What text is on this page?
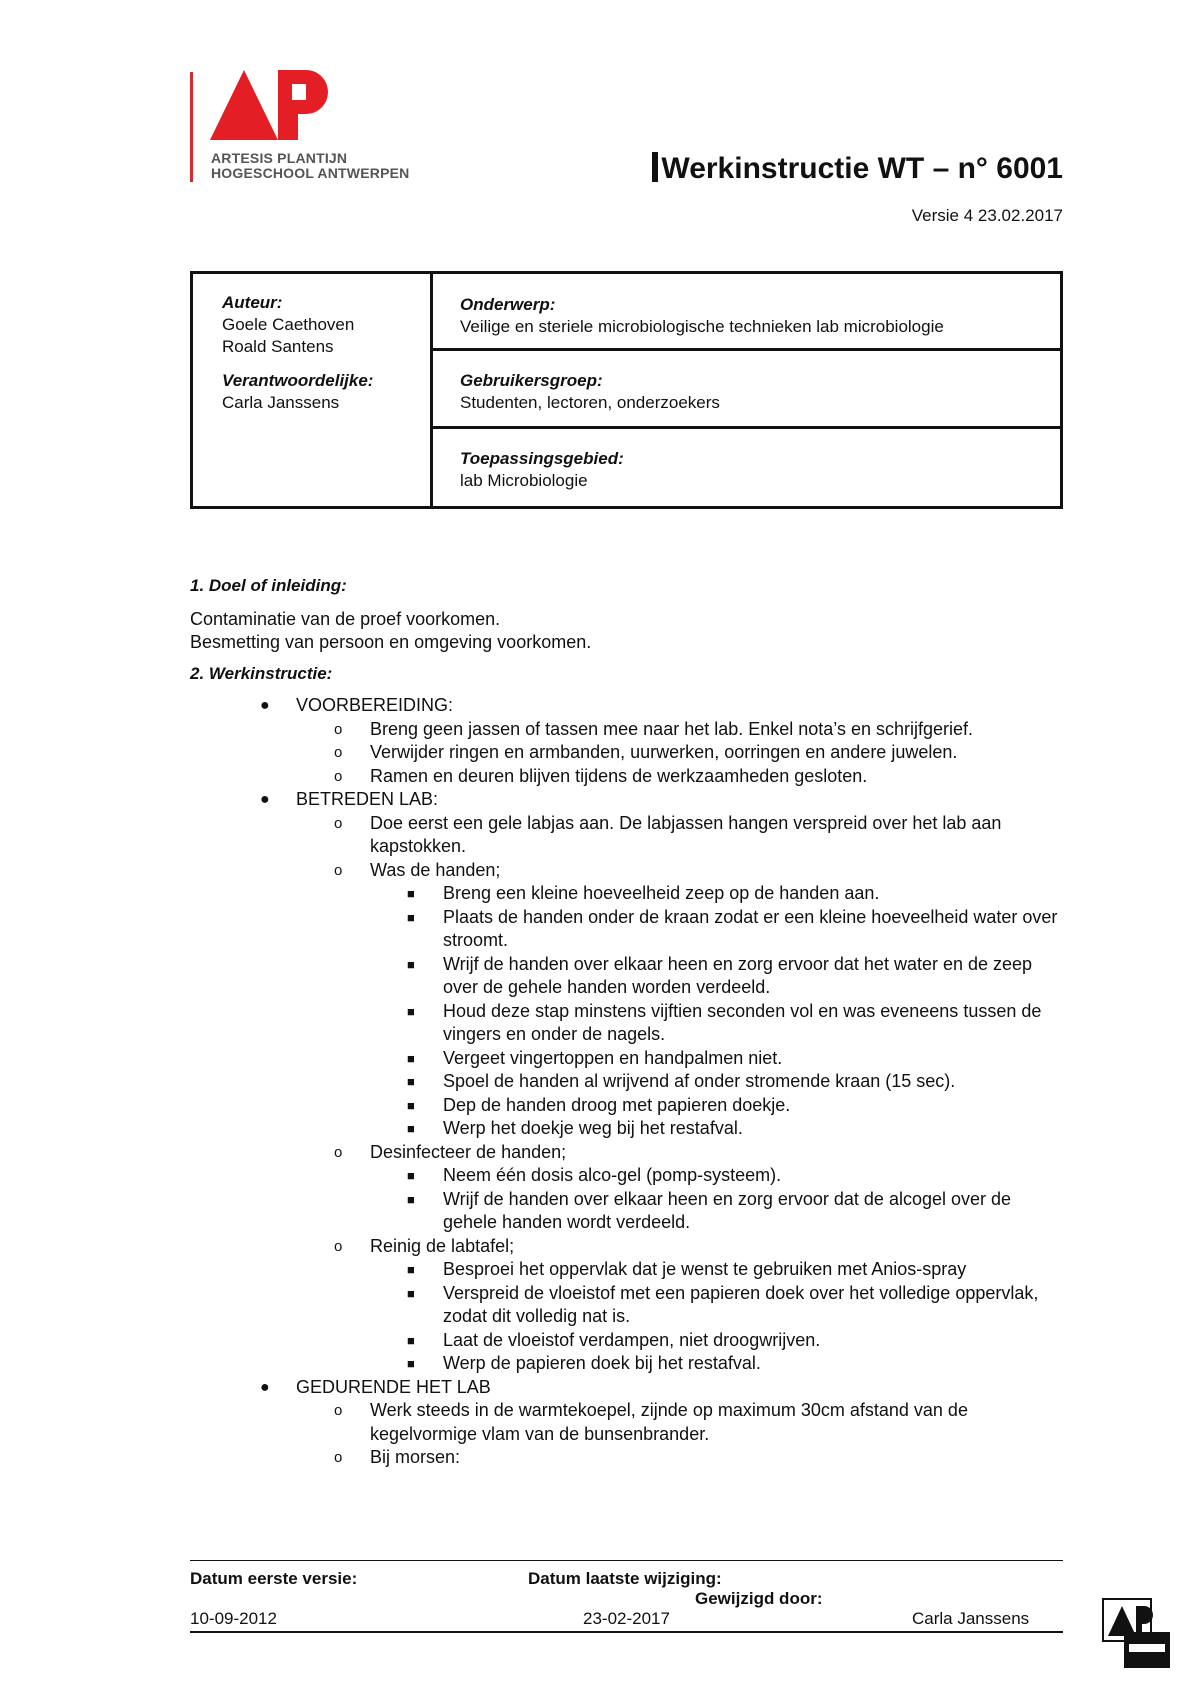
ARTESIS PLANTIJN
HOGESCHOOL ANTWERPEN	Werkinstructie WT – n° 6001
Versie 4 23.02.2017
Auteur:
Goele Caethoven
Roald Santens
Verantwoordelijke:
Carla Janssens
Onderwerp:
Veilige en steriele microbiologische technieken lab microbiologie
Gebruikersgroep:
Studenten, lectoren, onderzoekers
Toepassingsgebied:
lab Microbiologie
1. Doel of inleiding:
Contaminatie van de proef voorkomen.
Besmetting van persoon en omgeving voorkomen.
2. Werkinstructie:
● VOORBEREIDING:
o Breng geen jassen of tassen mee naar het lab. Enkel nota’s en schrijfgerief.
o Verwijder ringen en armbanden, uurwerken, oorringen en andere juwelen.
o Ramen en deuren blijven tijdens de werkzaamheden gesloten.
● BETREDEN LAB:
o Doe eerst een gele labjas aan. De labjassen hangen verspreid over het lab aan kapstokken.
o Was de handen;
■ Breng een kleine hoeveelheid zeep op de handen aan.
■ Plaats de handen onder de kraan zodat er een kleine hoeveelheid water over stroomt.
■ Wrijf de handen over elkaar heen en zorg ervoor dat het water en de zeep over de gehele handen worden verdeeld.
■ Houd deze stap minstens vijftien seconden vol en was eveneens tussen de vingers en onder de nagels.
■ Vergeet vingertoppen en handpalmen niet.
■ Spoel de handen al wrijvend af onder stromende kraan (15 sec).
■ Dep de handen droog met papieren doekje.
■ Werp het doekje weg bij het restafval.
o Desinfecteer de handen;
■ Neem één dosis alco-gel (pomp-systeem).
■ Wrijf de handen over elkaar heen en zorg ervoor dat de alcogel over de gehele handen wordt verdeeld.
o Reinig de labtafel;
■ Besproei het oppervlak dat je wenst te gebruiken met Anios-spray
■ Verspreid de vloeistof met een papieren doek over het volledige oppervlak, zodat dit volledig nat is.
■ Laat de vloeistof verdampen, niet droogwrijven.
■ Werp de papieren doek bij het restafval.
● GEDURENDE HET LAB
o Werk steeds in de warmtekoepel, zijnde op maximum 30cm afstand van de kegelvormige vlam van de bunsenbrander.
o Bij morsen:
Datum eerste versie:	Datum laatste wijziging:
Gewijzigd door:
10-09-2012	23-02-2017	Carla Janssens
